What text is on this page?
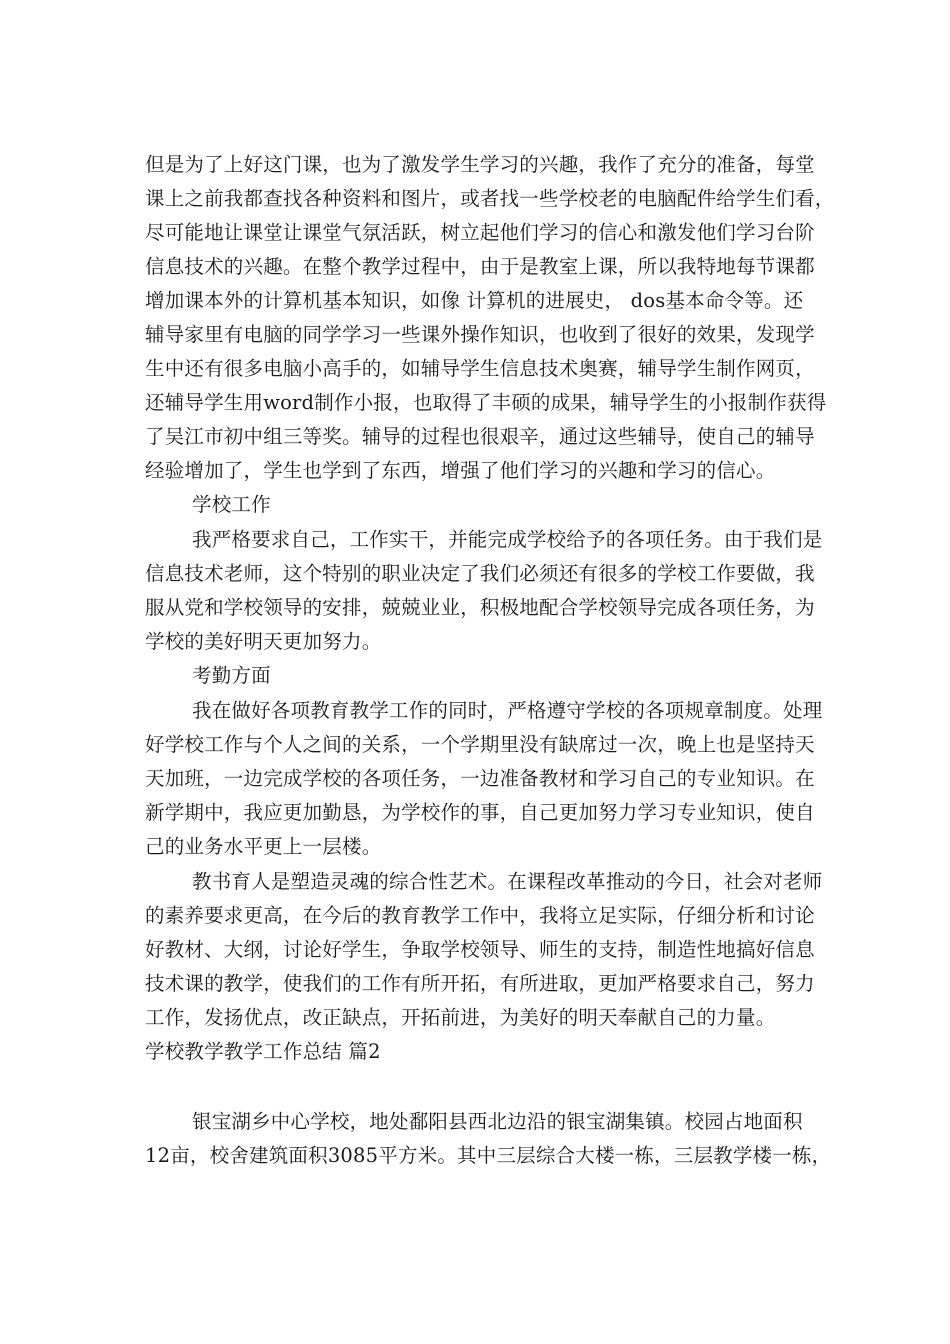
但是为了上好这门课，也为了激发学生学习的兴趣，我作了充分的准备，每堂
课上之前我都查找各种资料和图片，或者找一些学校老的电脑配件给学生们看，
尽可能地让课堂让课堂气氛活跃，树立起他们学习的信心和激发他们学习台阶
信息技术的兴趣。在整个教学过程中，由于是教室上课，所以我特地每节课都
增加课本外的计算机基本知识，如像 计算机的进展史， dos基本命令等。还
辅导家里有电脑的同学学习一些课外操作知识，也收到了很好的效果，发现学
生中还有很多电脑小高手的，如辅导学生信息技术奥赛，辅导学生制作网页，
还辅导学生用word制作小报，也取得了丰硕的成果，辅导学生的小报制作获得
了吴江市初中组三等奖。辅导的过程也很艰辛，通过这些辅导，使自己的辅导
经验增加了，学生也学到了东西，增强了他们学习的兴趣和学习的信心。
学校工作
我严格要求自己，工作实干，并能完成学校给予的各项任务。由于我们是
信息技术老师，这个特别的职业决定了我们必须还有很多的学校工作要做，我
服从党和学校领导的安排，兢兢业业，积极地配合学校领导完成各项任务，为
学校的美好明天更加努力。
考勤方面
我在做好各项教育教学工作的同时，严格遵守学校的各项规章制度。处理
好学校工作与个人之间的关系，一个学期里没有缺席过一次，晚上也是坚持天
天加班，一边完成学校的各项任务，一边准备教材和学习自己的专业知识。在
新学期中，我应更加勤恳，为学校作的事，自己更加努力学习专业知识，使自
己的业务水平更上一层楼。
教书育人是塑造灵魂的综合性艺术。在课程改革推动的今日，社会对老师
的素养要求更高，在今后的教育教学工作中，我将立足实际，仔细分析和讨论
好教材、大纲，讨论好学生，争取学校领导、师生的支持，制造性地搞好信息
技术课的教学，使我们的工作有所开拓，有所进取，更加严格要求自己，努力
工作，发扬优点，改正缺点，开拓前进，为美好的明天奉献自己的力量。
学校教学教学工作总结 篇2
银宝湖乡中心学校，地处鄱阳县西北边沿的银宝湖集镇。校园占地面积
12亩，校舍建筑面积3085平方米。其中三层综合大楼一栋，三层教学楼一栋，
